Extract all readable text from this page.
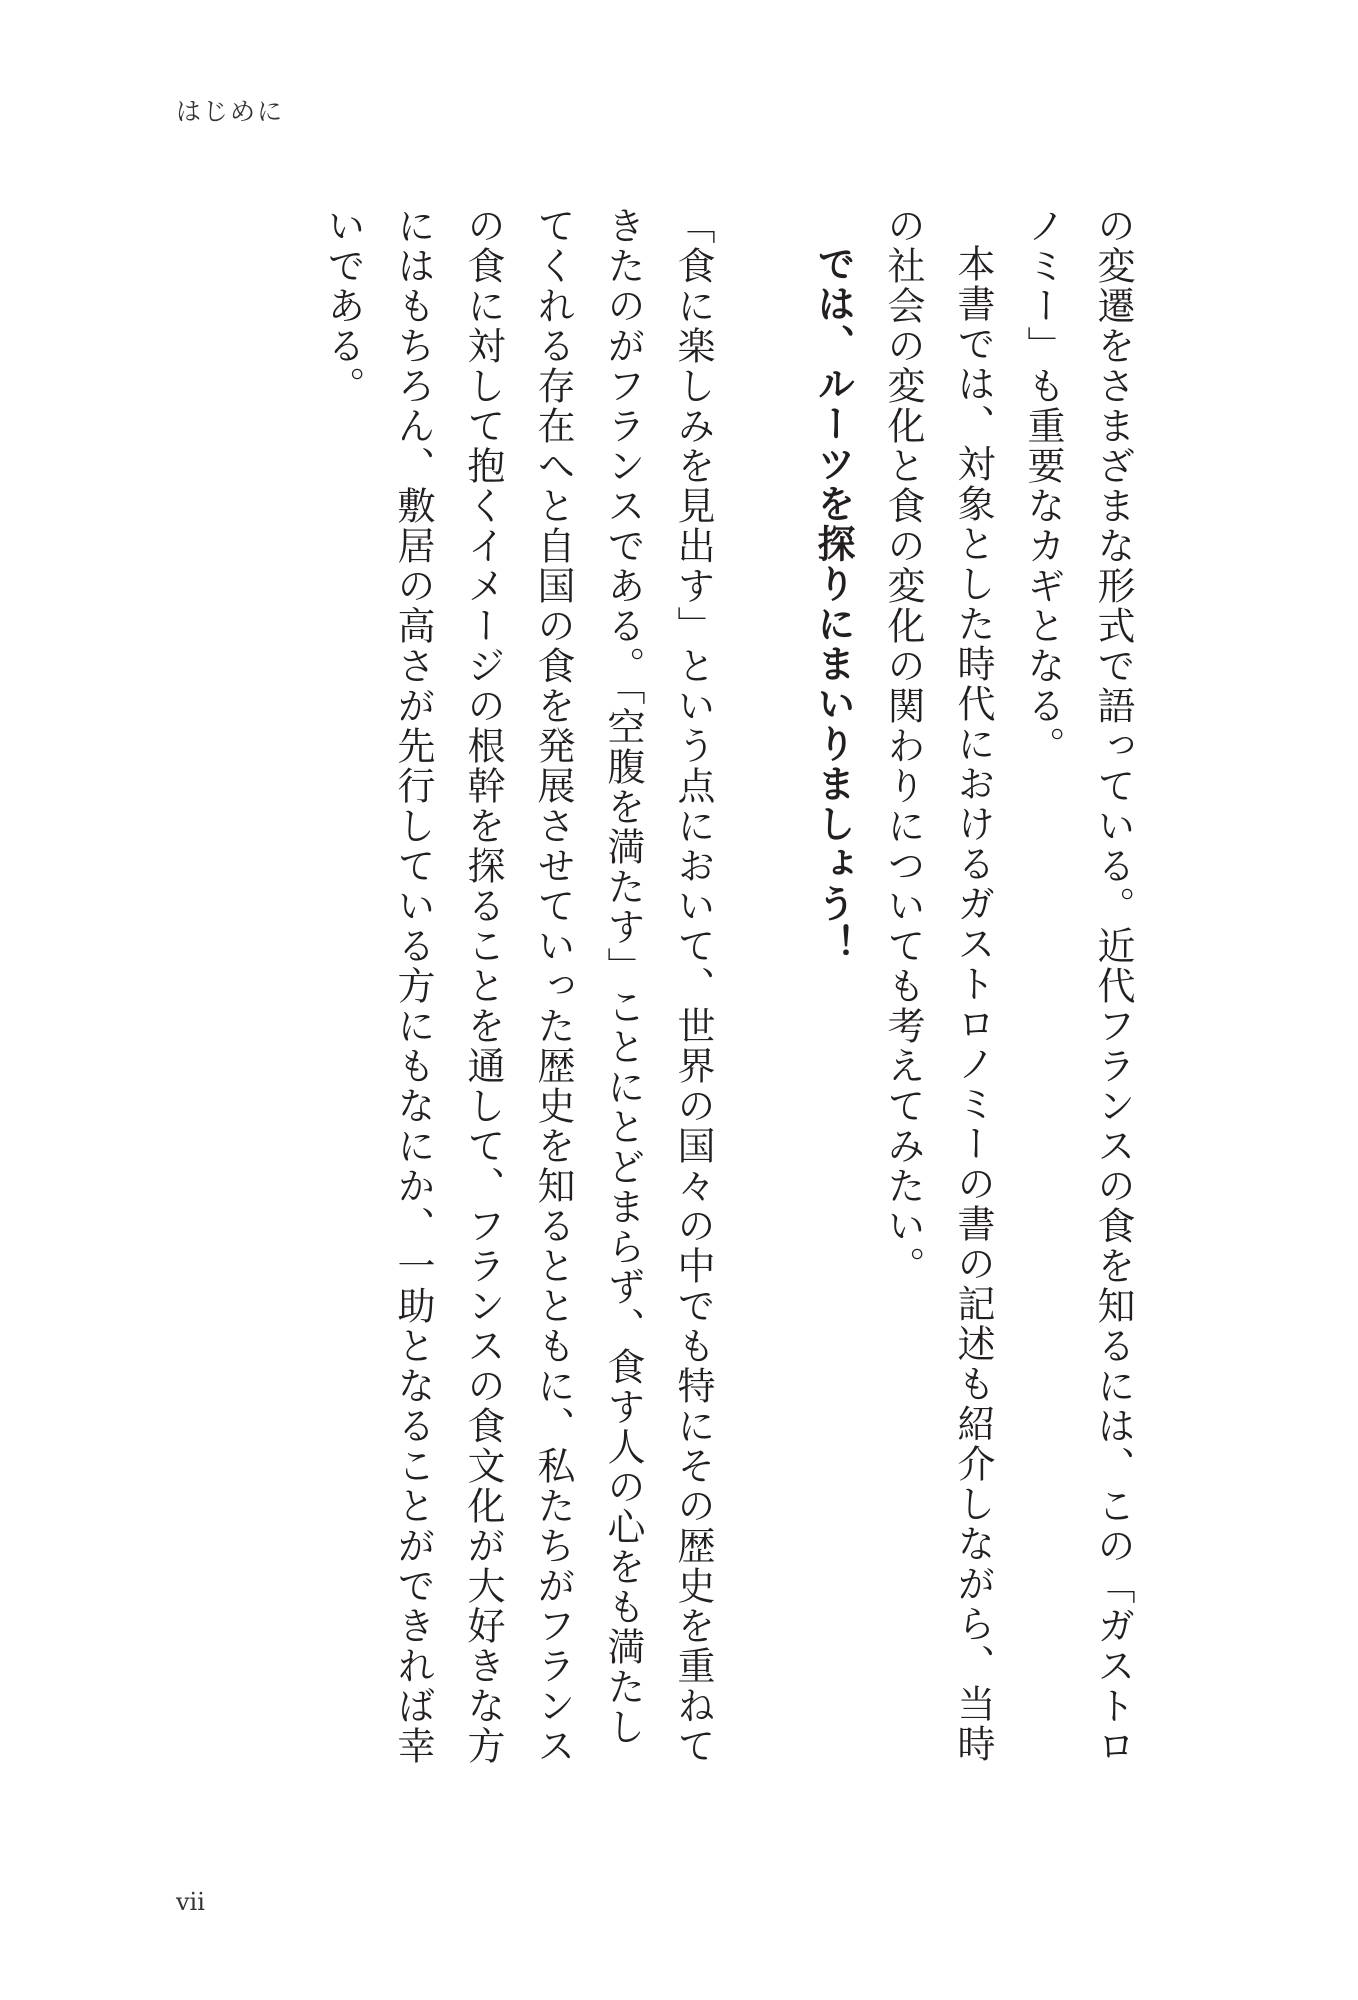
はじめに

の変遷をさまざまな形式で語っている。近代フランスの食を知るには、この「ガストロノミー」も重要なカギとなる。

本書では、対象とした時代におけるガストロノミーの書の記述も紹介しながら、当時の社会の変化と食の変化の関わりについても考えてみたい。

では、ルーツを探りにまいりましょう！

「食に楽しみを見出す」という点において、世界の国々の中でも特にその歴史を重ねてきたのがフランスである。「空腹を満たす」ことにとどまらず、食す人の心をも満たしてくれる存在へと自国の食を発展させていった歴史を知るとともに、私たちがフランスの食に対して抱くイメージの根幹を探ることを通して、フランスの食文化が大好きな方にはもちろん、敷居の高さが先行している方にもなにか、一助となることができれば幸いである。

vii
